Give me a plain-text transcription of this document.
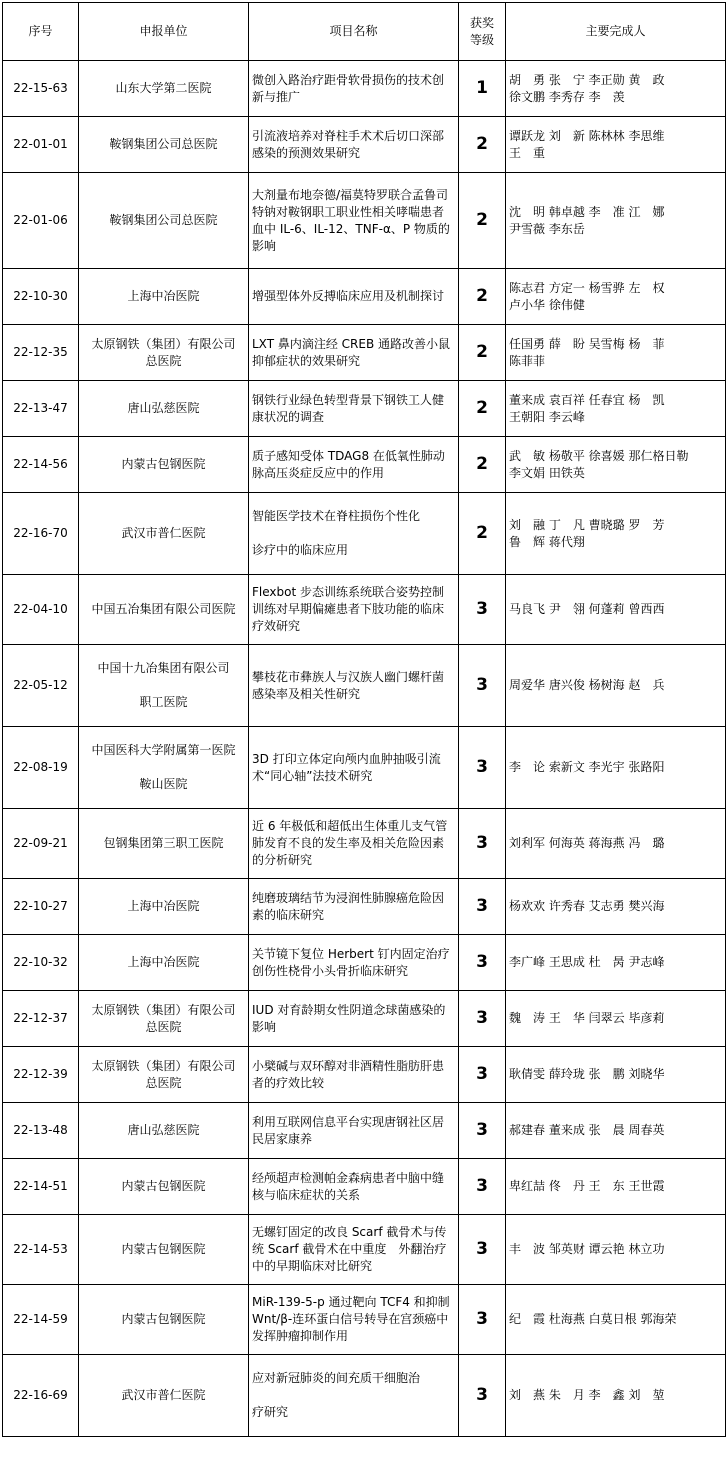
序号	申报单位	项目名称	获奖
等级	主要完成人
22-15-63	山东大学第二医院	微创入路治疗距骨软骨损伤的技术创新与推广	1	胡　勇 张　宁 李正勋 黄　政
徐文鹏 李秀存 李　羡
22-01-01	鞍钢集团公司总医院	引流液培养对脊柱手术术后切口深部感染的预测效果研究	2	谭跃龙 刘　新 陈林林 李思维
王　重
22-01-06	鞍钢集团公司总医院	大剂量布地奈德/福莫特罗联合孟鲁司特钠对鞍钢职工职业性相关哮喘患者血中 IL-6、IL-12、TNF-α、P 物质的影响	2	沈　明 韩卓越 李　准 江　娜
尹雪薇 李东岳
22-10-30	上海中冶医院	增强型体外反搏临床应用及机制探讨	2	陈志君 方定一 杨雪骅 左　权
卢小华 徐伟健
22-12-35	太原钢铁（集团）有限公司
总医院	LXT 鼻内滴注经 CREB 通路改善小鼠抑郁症状的效果研究	2	任国勇 薛　盼 吴雪梅 杨　菲
陈菲菲
22-13-47	唐山弘慈医院	钢铁行业绿色转型背景下钢铁工人健康状况的调查	2	董来成 袁百祥 任春宜 杨　凯
王朝阳 李云峰
22-14-56	内蒙古包钢医院	质子感知受体 TDAG8 在低氧性肺动脉高压炎症反应中的作用	2	武　敏 杨敬平 徐喜媛 那仁格日勒
李文娟 田铁英
22-16-70	武汉市普仁医院	智能医学技术在脊柱损伤个性化

诊疗中的临床应用	2	刘　融 丁　凡 曹晓璐 罗　芳
鲁　辉 蒋代翔
22-04-10	中国五冶集团有限公司医院	Flexbot 步态训练系统联合姿势控制训练对早期偏瘫患者下肢功能的临床疗效研究	3	马良飞 尹　翎 何蓬莉 曾西西
22-05-12	中国十九冶集团有限公司

职工医院	攀枝花市彝族人与汉族人幽门螺杆菌感染率及相关性研究	3	周爱华 唐兴俊 杨树海 赵　兵
22-08-19	中国医科大学附属第一医院

鞍山医院	3D 打印立体定向颅内血肿抽吸引流术“同心轴”法技术研究	3	李　论 索新文 李光宇 张路阳
22-09-21	包钢集团第三职工医院	近 6 年极低和超低出生体重儿支气管肺发育不良的发生率及相关危险因素的分析研究	3	刘利军 何海英 蒋海燕 冯　璐
22-10-27	上海中冶医院	纯磨玻璃结节为浸润性肺腺癌危险因素的临床研究	3	杨欢欢 许秀春 艾志勇 樊兴海
22-10-32	上海中冶医院	关节镜下复位 Herbert 钉内固定治疗创伤性桡骨小头骨折临床研究	3	李广峰 王思成 杜　昺 尹志峰
22-12-37	太原钢铁（集团）有限公司
总医院	IUD 对育龄期女性阴道念球菌感染的影响	3	魏　涛 王　华 闫翠云 毕彦莉
22-12-39	太原钢铁（集团）有限公司
总医院	小檗碱与双环醇对非酒精性脂肪肝患者的疗效比较	3	耿倩雯 薛玲珑 张　鹏 刘晓华
22-13-48	唐山弘慈医院	利用互联网信息平台实现唐钢社区居民居家康养	3	郝建春 董来成 张　晨 周春英
22-14-51	内蒙古包钢医院	经颅超声检测帕金森病患者中脑中缝核与临床症状的关系	3	卑红喆 佟　丹 王　东 王世霞
22-14-53	内蒙古包钢医院	无螺钉固定的改良 Scarf 截骨术与传统 Scarf 截骨术在中重度　外翻治疗中的早期临床对比研究	3	丰　波 邹英财 谭云艳 林立功
22-14-59	内蒙古包钢医院	MiR-139-5-p 通过靶向 TCF4 和抑制 Wnt/β-连环蛋白信号转导在宫颈癌中发挥肿瘤抑制作用	3	纪　霞 杜海燕 白莫日根 郭海荣
22-16-69	武汉市普仁医院	应对新冠肺炎的间充质干细胞治

疗研究	3	刘　燕 朱　月 李　鑫 刘　堃
